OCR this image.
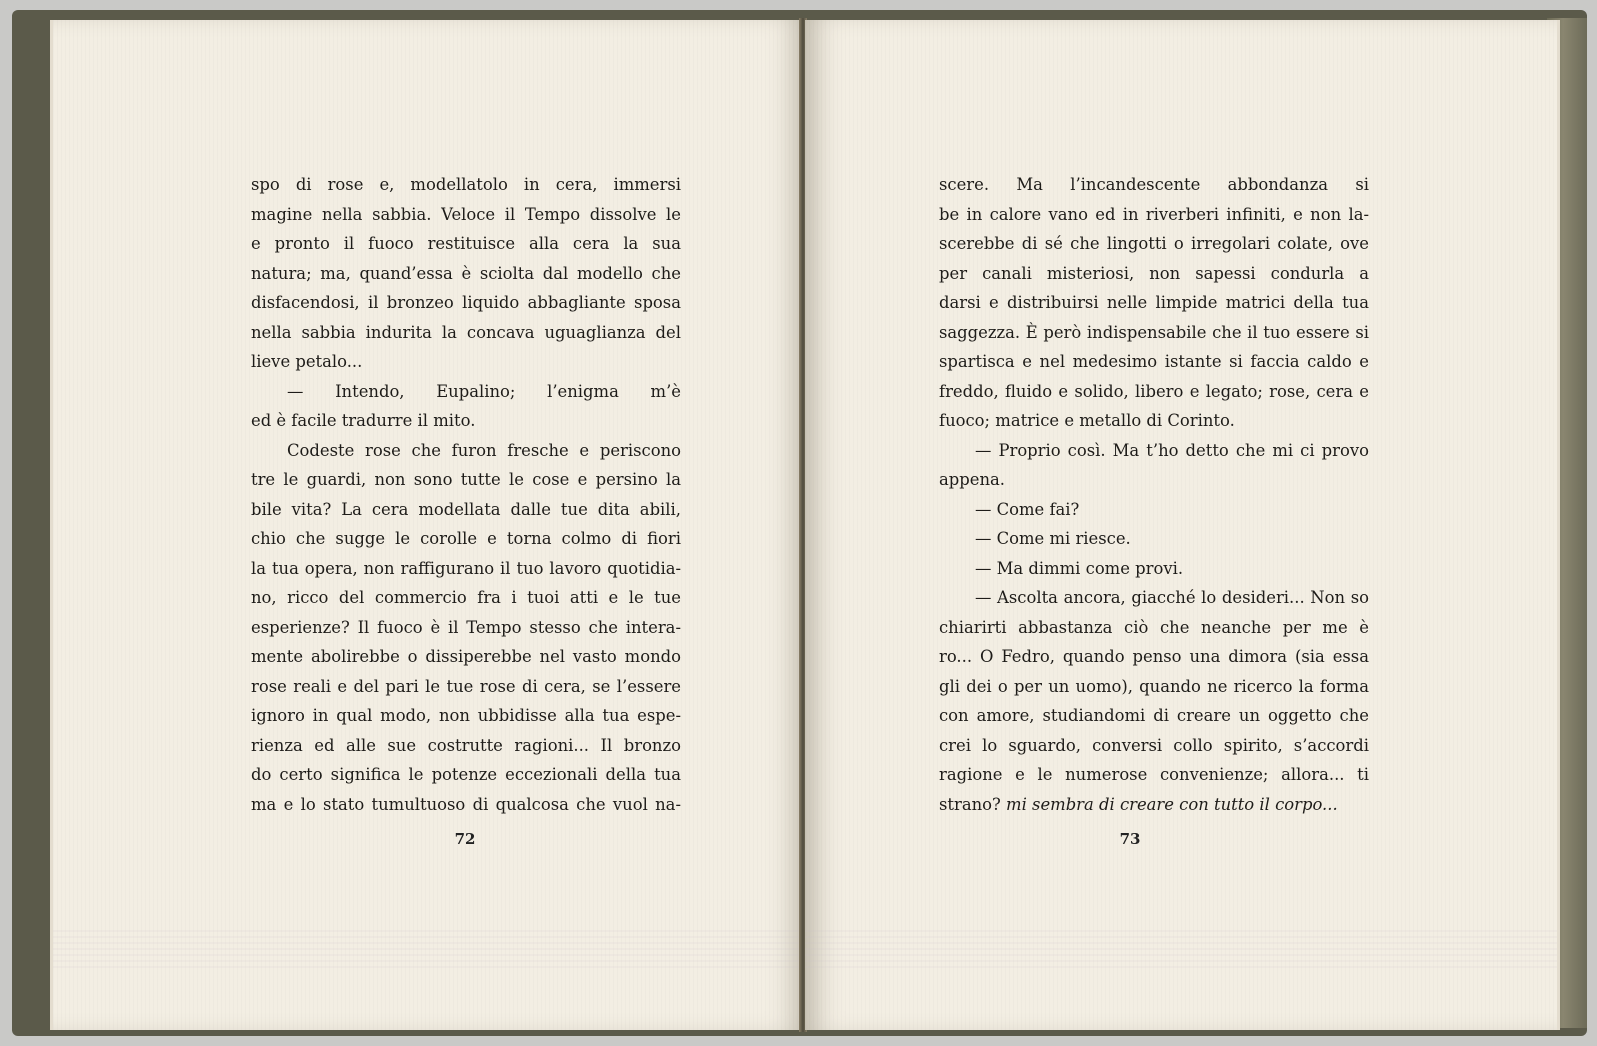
spo di rose e, modellatolo in cera, immersi
magine nella sabbia. Veloce il Tempo dissolve le
e pronto il fuoco restituisce alla cera la sua
natura; ma, quand’essa è sciolta dal modello che
disfacendosi, il bronzeo liquido abbagliante sposa
nella sabbia indurita la concava uguaglianza del
lieve petalo...
— Intendo, Eupalino; l’enigma m’è
ed è facile tradurre il mito.
Codeste rose che furon fresche e periscono
tre le guardi, non sono tutte le cose e persino la
bile vita? La cera modellata dalle tue dita abili,
chio che sugge le corolle e torna colmo di fiori
la tua opera, non raffigurano il tuo lavoro quotidia-
no, ricco del commercio fra i tuoi atti e le tue
esperienze? Il fuoco è il Tempo stesso che intera-
mente abolirebbe o dissiperebbe nel vasto mondo
rose reali e del pari le tue rose di cera, se l’essere
ignoro in qual modo, non ubbidisse alla tua espe-
rienza ed alle sue costrutte ragioni... Il bronzo
do certo significa le potenze eccezionali della tua
ma e lo stato tumultuoso di qualcosa che vuol na-
72
scere. Ma l’incandescente abbondanza si
be in calore vano ed in riverberi infiniti, e non la-
scerebbe di sé che lingotti o irregolari colate, ove
per canali misteriosi, non sapessi condurla a
darsi e distribuirsi nelle limpide matrici della tua
saggezza. È però indispensabile che il tuo essere si
spartisca e nel medesimo istante si faccia caldo e
freddo, fluido e solido, libero e legato; rose, cera e
fuoco; matrice e metallo di Corinto.
— Proprio così. Ma t’ho detto che mi ci provo
appena.
— Come fai?
— Come mi riesce.
— Ma dimmi come provi.
— Ascolta ancora, giacché lo desideri... Non so
chiarirti abbastanza ciò che neanche per me è
ro... O Fedro, quando penso una dimora (sia essa
gli dei o per un uomo), quando ne ricerco la forma
con amore, studiandomi di creare un oggetto che
crei lo sguardo, conversi collo spirito, s’accordi
ragione e le numerose convenienze; allora... ti
strano? mi sembra di creare con tutto il corpo...
73
